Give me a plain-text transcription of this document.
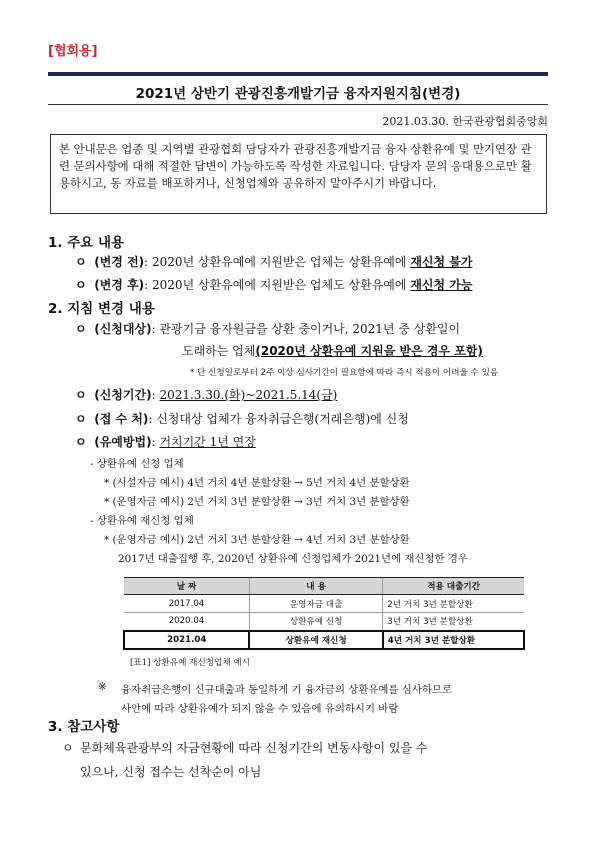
[협회용]
2021년 상반기 관광진흥개발기금 융자지원지침(변경)
2021.03.30. 한국관광협회중앙회
본 안내문은 업종 및 지역별 관광협회 담당자가 관광진흥개발기금 융자 상환유예 및 만기연장 관련 문의사항에 대해 적절한 답변이 가능하도록 작성한 자료입니다. 담당자 문의 응대용으로만 활용하시고, 동 자료를 배포하거나, 신청업체와 공유하지 말아주시기 바랍니다.
1. 주요 내용
ㅇ (변경 전): 2020년 상환유예에 지원받은 업체는 상환유예에 재신청 불가
ㅇ (변경 후): 2020년 상환유예에 지원받은 업체도 상환유예에 재신청 가능
2. 지침 변경 내용
ㅇ (신청대상): 관광기금 융자원금을 상환 중이거나, 2021년 중 상환일이
도래하는 업체(2020년 상환유예 지원을 받은 경우 포함)
* 단 신청일로부터 2주 이상 심사기간이 필요함에 따라 즉시 적용이 어려울 수 있음
ㅇ (신청기간): 2021.3.30.(화)~2021.5.14(금)
ㅇ (접 수 처): 신청대상 업체가 융자취급은행(거래은행)에 신청
ㅇ (유예방법): 거치기간 1년 연장
- 상환유예 신청 업체
* (시설자금 예시) 4년 거치 4년 분할상환 → 5년 거치 4년 분할상환
* (운영자금 예시) 2년 거치 3년 분할상환 → 3년 거치 3년 분할상환
- 상환유예 재신청 업체
* (운영자금 예시) 2년 거치 3년 분할상환 → 4년 거치 3년 분할상환
2017년 대출집행 후, 2020년 상환유예 신청업체가 2021년에 재신청한 경우
날 짜	내 용	적용 대출기간
2017.04	운영자금 대출	2년 거치 3년 분할상환
2020.04	상환유예 신청	3년 거치 3년 분할상환
2021.04	상환유예 재신청	4년 거치 3년 분할상환
[표1] 상환유예 재신청업체 예시
※ 융자취급은행이 신규대출과 동일하게 기 융자금의 상환유예를 심사하므로
사안에 따라 상환유예가 되지 않을 수 있음에 유의하시기 바람
3. 참고사항
ㅇ 문화체육관광부의 자금현황에 따라 신청기간의 변동사항이 있을 수
있으나, 신청 접수는 선착순이 아님
